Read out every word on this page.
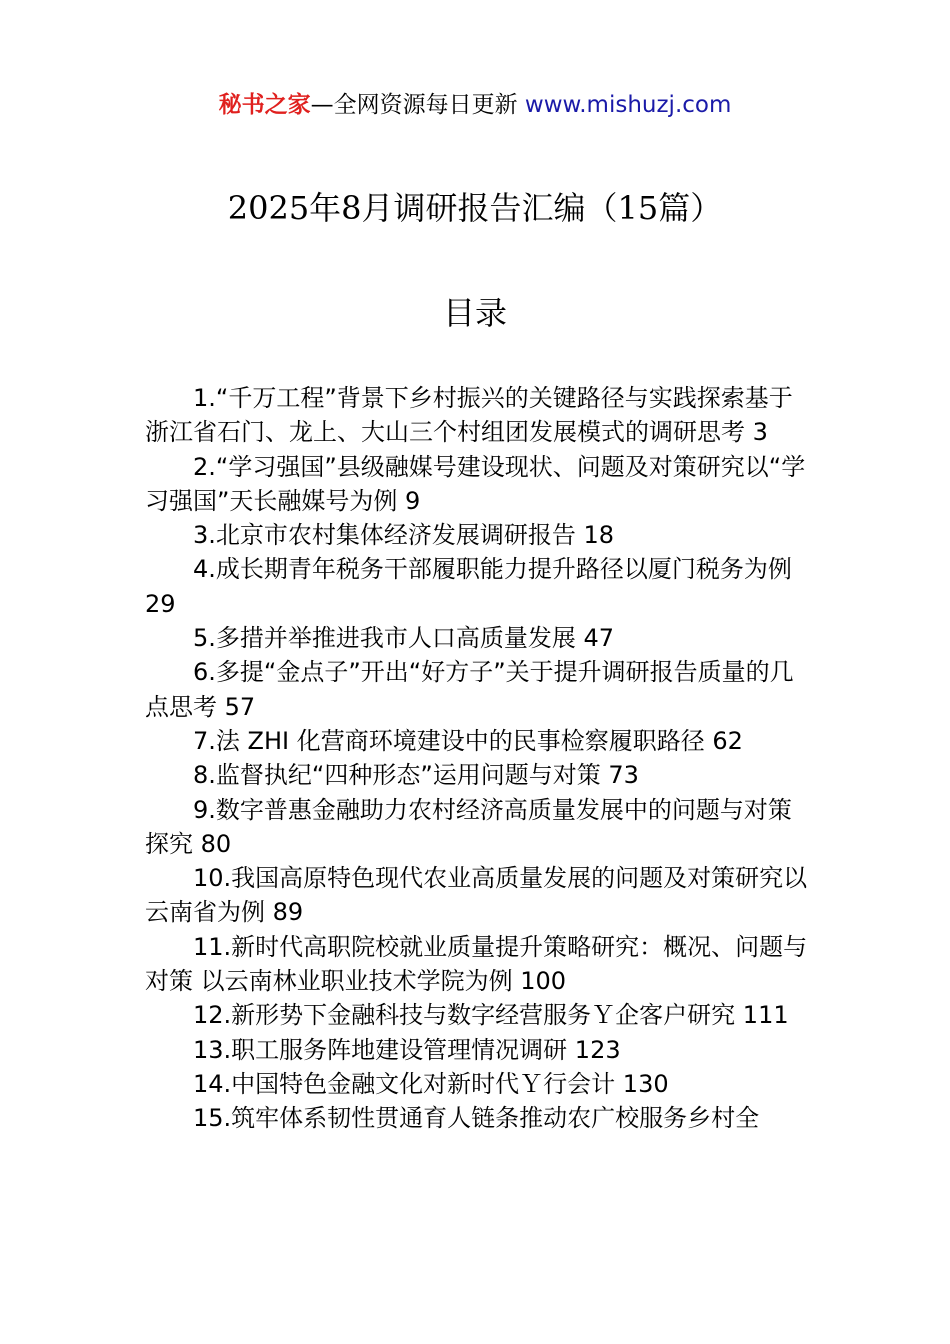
秘书之家—全网资源每日更新 www.mishuzj.com
2025年8月调研报告汇编（15篇）
目录
1.“千万工程”背景下乡村振兴的关键路径与实践探索基于浙江省石门、龙上、大山三个村组团发展模式的调研思考 3
2.“学习强国”县级融媒号建设现状、问题及对策研究以“学习强国”天长融媒号为例 9
3.北京市农村集体经济发展调研报告 18
4.成长期青年税务干部履职能力提升路径以厦门税务为例 29
5.多措并举推进我市人口高质量发展 47
6.多提“金点子”开出“好方子”关于提升调研报告质量的几点思考 57
7.法 ZHI 化营商环境建设中的民事检察履职路径 62
8.监督执纪“四种形态”运用问题与对策 73
9.数字普惠金融助力农村经济高质量发展中的问题与对策探究 80
10.我国高原特色现代农业高质量发展的问题及对策研究以云南省为例 89
11.新时代高职院校就业质量提升策略研究：概况、问题与对策 以云南林业职业技术学院为例 100
12.新形势下金融科技与数字经营服务Ｙ企客户研究 111
13.职工服务阵地建设管理情况调研 123
14.中国特色金融文化对新时代Ｙ行会计 130
15.筑牢体系韧性贯通育人链条推动农广校服务乡村全
